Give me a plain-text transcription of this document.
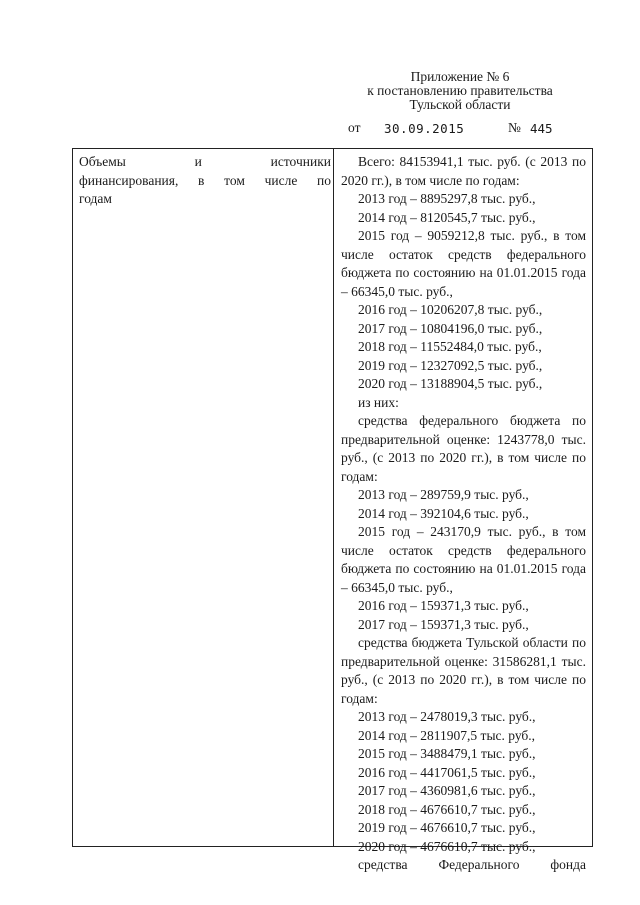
Приложение № 6
к постановлению правительства
Тульской области
от 30.09.2015	№ 445
Объемы и источники
финансирования, в том числе по
годам
Всего: 84153941,1 тыс. руб. (с 2013 по 2020 гг.), в том числе по годам:
2013 год – 8895297,8 тыс. руб.,
2014 год – 8120545,7 тыс. руб.,
2015 год – 9059212,8 тыс. руб., в том числе остаток средств федерального бюджета по состоянию на 01.01.2015 года – 66345,0 тыс. руб.,
2016 год – 10206207,8 тыс. руб.,
2017 год – 10804196,0 тыс. руб.,
2018 год – 11552484,0 тыс. руб.,
2019 год – 12327092,5 тыс. руб.,
2020 год – 13188904,5 тыс. руб.,
из них:
средства федерального бюджета по предварительной оценке: 1243778,0 тыс. руб., (с 2013 по 2020 гг.), в том числе по годам:
2013 год – 289759,9 тыс. руб.,
2014 год – 392104,6 тыс. руб.,
2015 год – 243170,9 тыс. руб., в том числе остаток средств федерального бюджета по состоянию на 01.01.2015 года – 66345,0 тыс. руб.,
2016 год – 159371,3 тыс. руб.,
2017 год – 159371,3 тыс. руб.,
средства бюджета Тульской области по предварительной оценке: 31586281,1 тыс. руб., (с 2013 по 2020 гг.), в том числе по годам:
2013 год – 2478019,3 тыс. руб.,
2014 год – 2811907,5 тыс. руб.,
2015 год – 3488479,1 тыс. руб.,
2016 год – 4417061,5 тыс. руб.,
2017 год – 4360981,6 тыс. руб.,
2018 год – 4676610,7 тыс. руб.,
2019 год – 4676610,7 тыс. руб.,
2020 год – 4676610,7 тыс. руб.,
средства Федерального фонда
